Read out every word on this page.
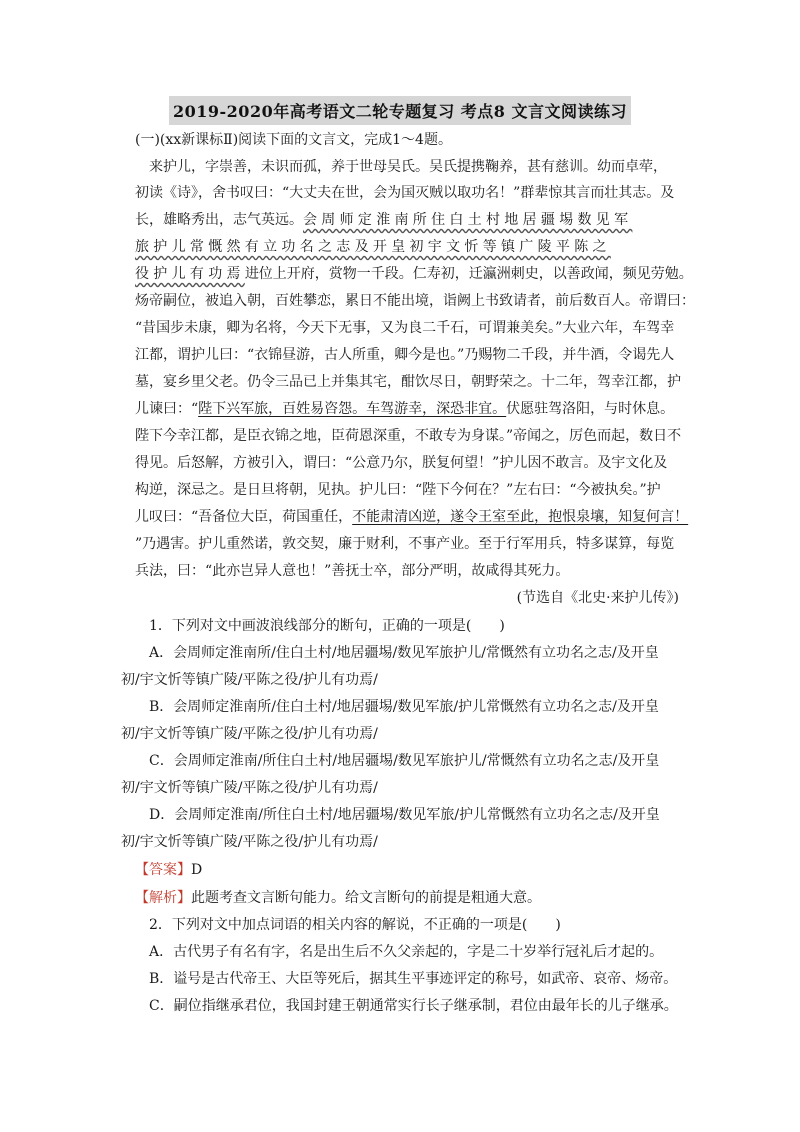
2019-2020年高考语文二轮专题复习 考点8 文言文阅读练习
(一)(xx新课标Ⅱ)阅读下面的文言文，完成1～4题。
来护儿，字崇善，未识而孤，养于世母吴氏。吴氏提携鞠养，甚有慈训。幼而卓荦，
初读《诗》，舍书叹曰：“大丈夫在世，会为国灭贼以取功名！”群辈惊其言而壮其志。及
长，雄略秀出，志气英远。会周师定淮南所住白土村地居疆埸数见军
旅护儿常慨然有立功名之志及开皇初宇文忻等镇广陵平陈之
役护儿有功焉进位上开府，赏物一千段。仁寿初，迁瀛洲刺史，以善政闻，频见劳勉。
炀帝嗣位，被追入朝，百姓攀恋，累日不能出境，诣阙上书致请者，前后数百人。帝谓曰：
“昔国步未康，卿为名将，今天下无事，又为良二千石，可谓兼美矣。”大业六年，车驾幸
江都，谓护儿曰：“衣锦昼游，古人所重，卿今是也。”乃赐物二千段，并牛酒，令谒先人
墓，宴乡里父老。仍令三品已上并集其宅，酣饮尽日，朝野荣之。十二年，驾幸江都，护
儿谏曰：“陛下兴军旅，百姓易咨怨。车驾游幸，深恐非宜。伏愿驻驾洛阳，与时休息。
陛下今幸江都，是臣衣锦之地，臣荷恩深重，不敢专为身谋。”帝闻之，厉色而起，数日不
得见。后怒解，方被引入，谓曰：“公意乃尔，朕复何望！”护儿因不敢言。及宇文化及
构逆，深忌之。是日旦将朝，见执。护儿曰：“陛下今何在？”左右曰：“今被执矣。”护
儿叹曰：“吾备位大臣，荷国重任，不能肃清凶逆，遂令王室至此，抱恨泉壤，知复何言！
”乃遇害。护儿重然诺，敦交契，廉于财利，不事产业。至于行军用兵，特多谋算，每览
兵法，曰：“此亦岂异人意也！”善抚士卒，部分严明，故咸得其死力。
(节选自《北史·来护儿传》)
1．下列对文中画波浪线部分的断句，正确的一项是(　　)
A．会周师定淮南所/住白土村/地居疆埸/数见军旅护儿/常慨然有立功名之志/及开皇
初/宇文忻等镇广陵/平陈之役/护儿有功焉/
B．会周师定淮南所/住白土村/地居疆埸/数见军旅/护儿常慨然有立功名之志/及开皇
初/宇文忻等镇广陵/平陈之役/护儿有功焉/
C．会周师定淮南/所住白土村/地居疆埸/数见军旅护儿/常慨然有立功名之志/及开皇
初/宇文忻等镇广陵/平陈之役/护儿有功焉/
D．会周师定淮南/所住白土村/地居疆埸/数见军旅/护儿常慨然有立功名之志/及开皇
初/宇文忻等镇广陵/平陈之役/护儿有功焉/
【答案】D
【解析】此题考查文言断句能力。给文言断句的前提是粗通大意。
2．下列对文中加点词语的相关内容的解说，不正确的一项是(　　)
A．古代男子有名有字，名是出生后不久父亲起的，字是二十岁举行冠礼后才起的。
B．谥号是古代帝王、大臣等死后，据其生平事迹评定的称号，如武帝、哀帝、炀帝。
C．嗣位指继承君位，我国封建王朝通常实行长子继承制，君位由最年长的儿子继承。
